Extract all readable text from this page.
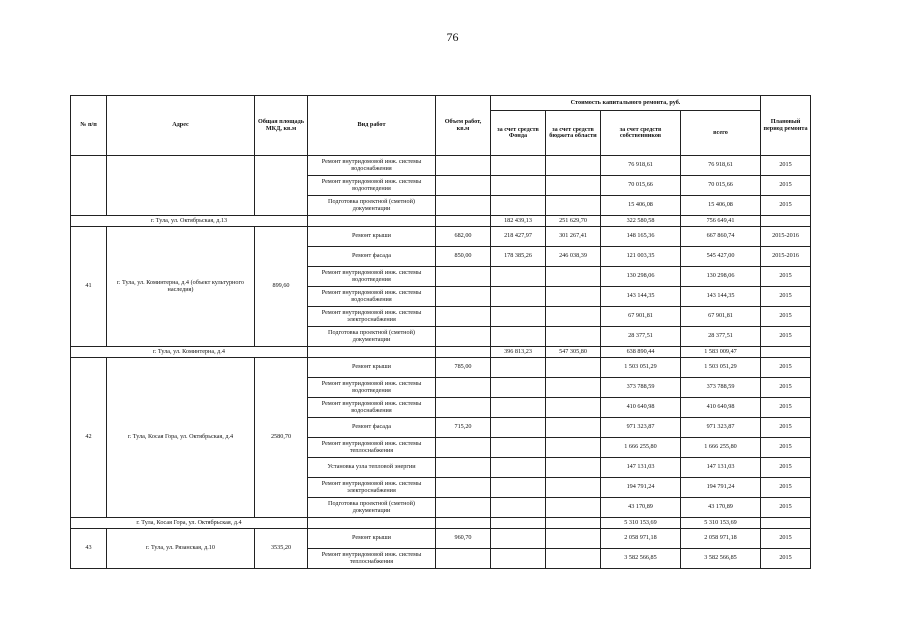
76
№ п/п	Адрес	Общая площадь МКД, кв.м	Вид работ	Объем работ, кв.м	Стоимость капитального ремонта, руб.				Плановый период ремонта
					за счет средств Фонда	за счет средств бюджета области	за счет средств собственников	всего	
			Ремонт внутридомовой инж. системы водоснабжения				76 918,61	76 918,61	2015
			Ремонт внутридомовой инж. системы водоотведения				70 015,66	70 015,66	2015
			Подготовка проектной (сметной) документации				15 406,08	15 406,08	2015
г. Тула, ул. Октябрьская, д.13					182 439,13	251 629,70	322 580,58	756 649,41	
41	г. Тула, ул. Коминтерна, д.4 (объект культурного наследия)	899,60	Ремонт крыши	682,00	218 427,97	301 267,41	148 165,36	667 860,74	2015-2016
			Ремонт фасада	850,00	178 385,26	246 038,39	121 003,35	545 427,00	2015-2016
			Ремонт внутридомовой инж. системы водоотведения				130 298,06	130 298,06	2015
			Ремонт внутридомовой инж. системы водоснабжения				143 144,35	143 144,35	2015
			Ремонт внутридомовой инж. системы электроснабжения				67 901,81	67 901,81	2015
			Подготовка проектной (сметной) документации				28 377,51	28 377,51	2015
г. Тула, ул. Коминтерна, д.4					396 813,23	547 305,80	638 890,44	1 583 009,47	
42	г. Тула, Косая Гора, ул. Октябрьская, д.4	2580,70	Ремонт крыши	785,00			1 503 051,29	1 503 051,29	2015
			Ремонт внутридомовой инж. системы водоотведения				373 788,59	373 788,59	2015
			Ремонт внутридомовой инж. системы водоснабжения				410 640,98	410 640,98	2015
			Ремонт фасада	715,20			971 323,87	971 323,87	2015
			Ремонт внутридомовой инж. системы теплоснабжения				1 666 255,80	1 666 255,80	2015
			Установка узла тепловой энергии				147 131,03	147 131,03	2015
			Ремонт внутридомовой инж. системы электроснабжения				194 791,24	194 791,24	2015
			Подготовка проектной (сметной) документации				43 170,89	43 170,89	2015
г. Тула, Косая Гора, ул. Октябрьская, д.4							5 310 153,69	5 310 153,69	
43	г. Тула, ул. Рязанская, д.10	3535,20	Ремонт крыши	960,70			2 058 971,18	2 058 971,18	2015
			Ремонт внутридомовой инж. системы теплоснабжения				3 582 566,85	3 582 566,85	2015
